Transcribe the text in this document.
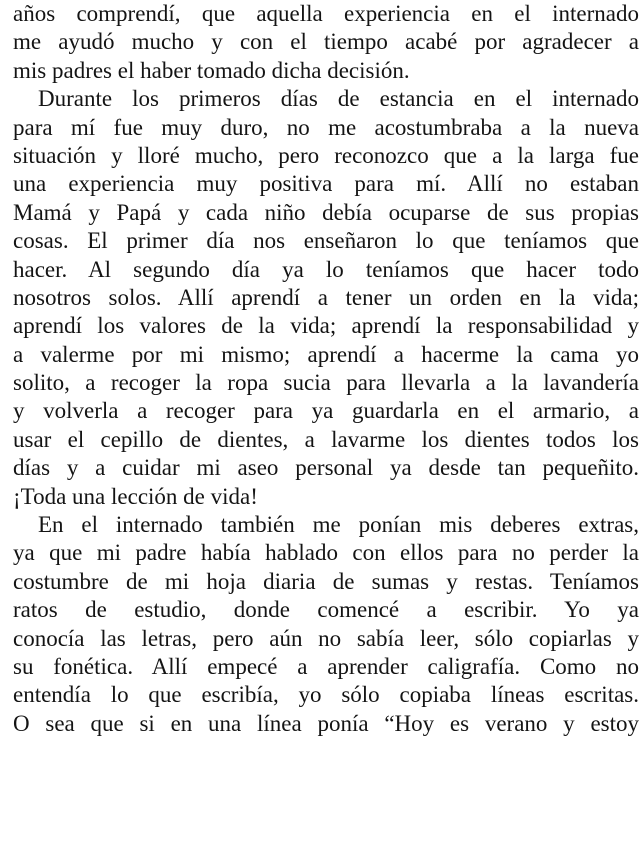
años comprendí, que aquella experiencia en el internado
me ayudó mucho y con el tiempo acabé por agradecer a
mis padres el haber tomado dicha decisión.
Durante los primeros días de estancia en el internado
para mí fue muy duro, no me acostumbraba a la nueva
situación y lloré mucho, pero reconozco que a la larga fue
una experiencia muy positiva para mí. Allí no estaban
Mamá y Papá y cada niño debía ocuparse de sus propias
cosas. El primer día nos enseñaron lo que teníamos que
hacer. Al segundo día ya lo teníamos que hacer todo
nosotros solos. Allí aprendí a tener un orden en la vida;
aprendí los valores de la vida; aprendí la responsabilidad y
a valerme por mi mismo; aprendí a hacerme la cama yo
solito, a recoger la ropa sucia para llevarla a la lavandería
y volverla a recoger para ya guardarla en el armario, a
usar el cepillo de dientes, a lavarme los dientes todos los
días y a cuidar mi aseo personal ya desde tan pequeñito.
¡Toda una lección de vida!
En el internado también me ponían mis deberes extras,
ya que mi padre había hablado con ellos para no perder la
costumbre de mi hoja diaria de sumas y restas. Teníamos
ratos de estudio, donde comencé a escribir. Yo ya
conocía las letras, pero aún no sabía leer, sólo copiarlas y
su fonética. Allí empecé a aprender caligrafía. Como no
entendía lo que escribía, yo sólo copiaba líneas escritas.
O sea que si en una línea ponía “Hoy es verano y estoy
